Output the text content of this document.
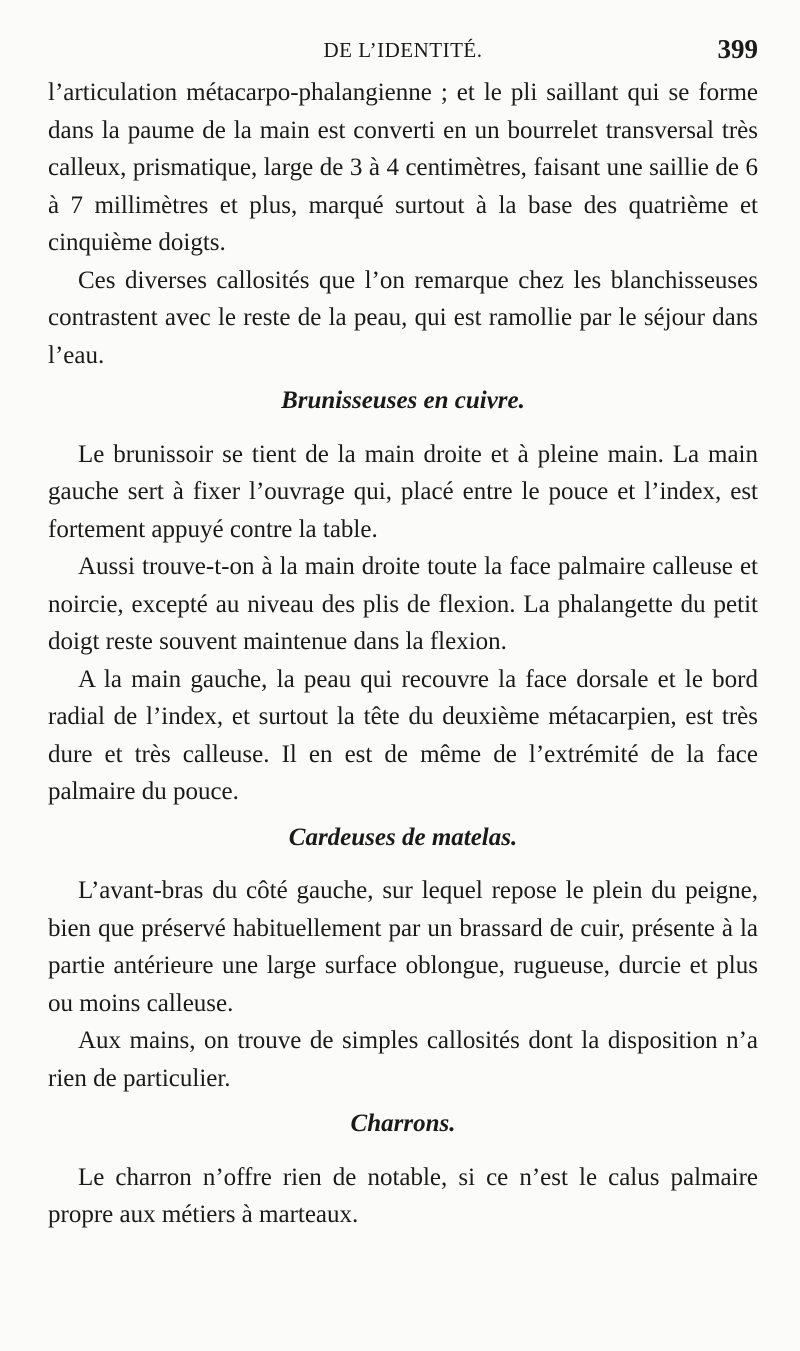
DE L’IDENTITÉ.	399

l’articulation métacarpo-phalangienne ; et le pli saillant qui se forme dans la paume de la main est converti en un bourrelet transversal très calleux, prismatique, large de 3 à 4 centimètres, faisant une saillie de 6 à 7 millimètres et plus, marqué surtout à la base des quatrième et cinquième doigts.

Ces diverses callosités que l’on remarque chez les blanchisseuses contrastent avec le reste de la peau, qui est ramollie par le séjour dans l’eau.

Brunisseuses en cuivre.

Le brunissoir se tient de la main droite et à pleine main. La main gauche sert à fixer l’ouvrage qui, placé entre le pouce et l’index, est fortement appuyé contre la table.

Aussi trouve-t-on à la main droite toute la face palmaire calleuse et noircie, excepté au niveau des plis de flexion. La phalangette du petit doigt reste souvent maintenue dans la flexion.

A la main gauche, la peau qui recouvre la face dorsale et le bord radial de l’index, et surtout la tête du deuxième métacarpien, est très dure et très calleuse. Il en est de même de l’extrémité de la face palmaire du pouce.

Cardeuses de matelas.

L’avant-bras du côté gauche, sur lequel repose le plein du peigne, bien que préservé habituellement par un brassard de cuir, présente à la partie antérieure une large surface oblongue, rugueuse, durcie et plus ou moins calleuse.

Aux mains, on trouve de simples callosités dont la disposition n’a rien de particulier.

Charrons.

Le charron n’offre rien de notable, si ce n’est le calus palmaire propre aux métiers à marteaux.
